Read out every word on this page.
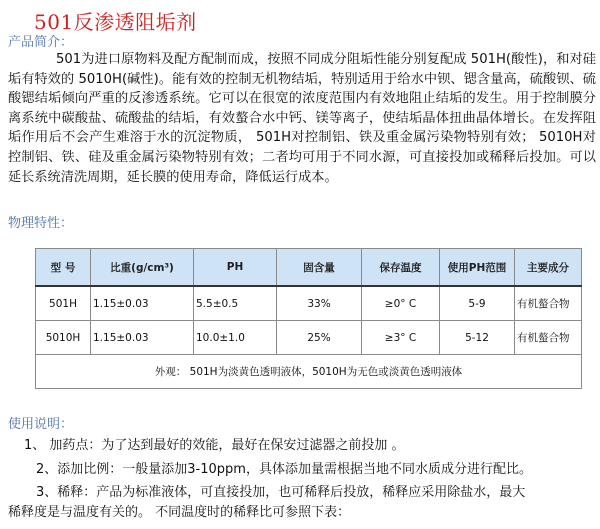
501反渗透阻垢剂
产品简介：
501为进口原物料及配方配制而成，按照不同成分阻垢性能分别复配成 501H(酸性)，和对硅垢有特效的 5010H(碱性)。能有效的控制无机物结垢，特别适用于给水中钡、锶含量高，硫酸钡、硫酸锶结垢倾向严重的反渗透系统。它可以在很宽的浓度范围内有效地阻止结垢的发生。用于控制膜分离系统中碳酸盐、硫酸盐的结垢，有效螯合水中钙、镁等离子，使结垢晶体扭曲晶体增长。在发挥阻垢作用后不会产生难溶于水的沉淀物质， 501H对控制铝、铁及重金属污染物特别有效； 5010H对控制铝、铁、硅及重金属污染物特别有效；二者均可用于不同水源，可直接投加或稀释后投加。可以延长系统清洗周期，延长膜的使用寿命，降低运行成本。
物理特性：
型 号	比重(g/cm³)	PH	固含量	保存温度	使用PH范围	主要成分
501H	1.15±0.03	5.5±0.5	33%	≥0° C	5-9	有机螯合物
5010H	1.15±0.03	10.0±1.0	25%	≥3° C	5-12	有机螯合物
外观： 501H为淡黄色透明液体，5010H为无色或淡黄色透明液体						
使用说明：
1、 加药点：为了达到最好的效能，最好在保安过滤器之前投加 。
2、添加比例：一般量添加3-10ppm，具体添加量需根据当地不同水质成分进行配比。
3、稀释：产品为标准液体，可直接投加，也可稀释后投放，稀释应采用除盐水，最大
稀释度是与温度有关的。 不同温度时的稀释比可参照下表：
